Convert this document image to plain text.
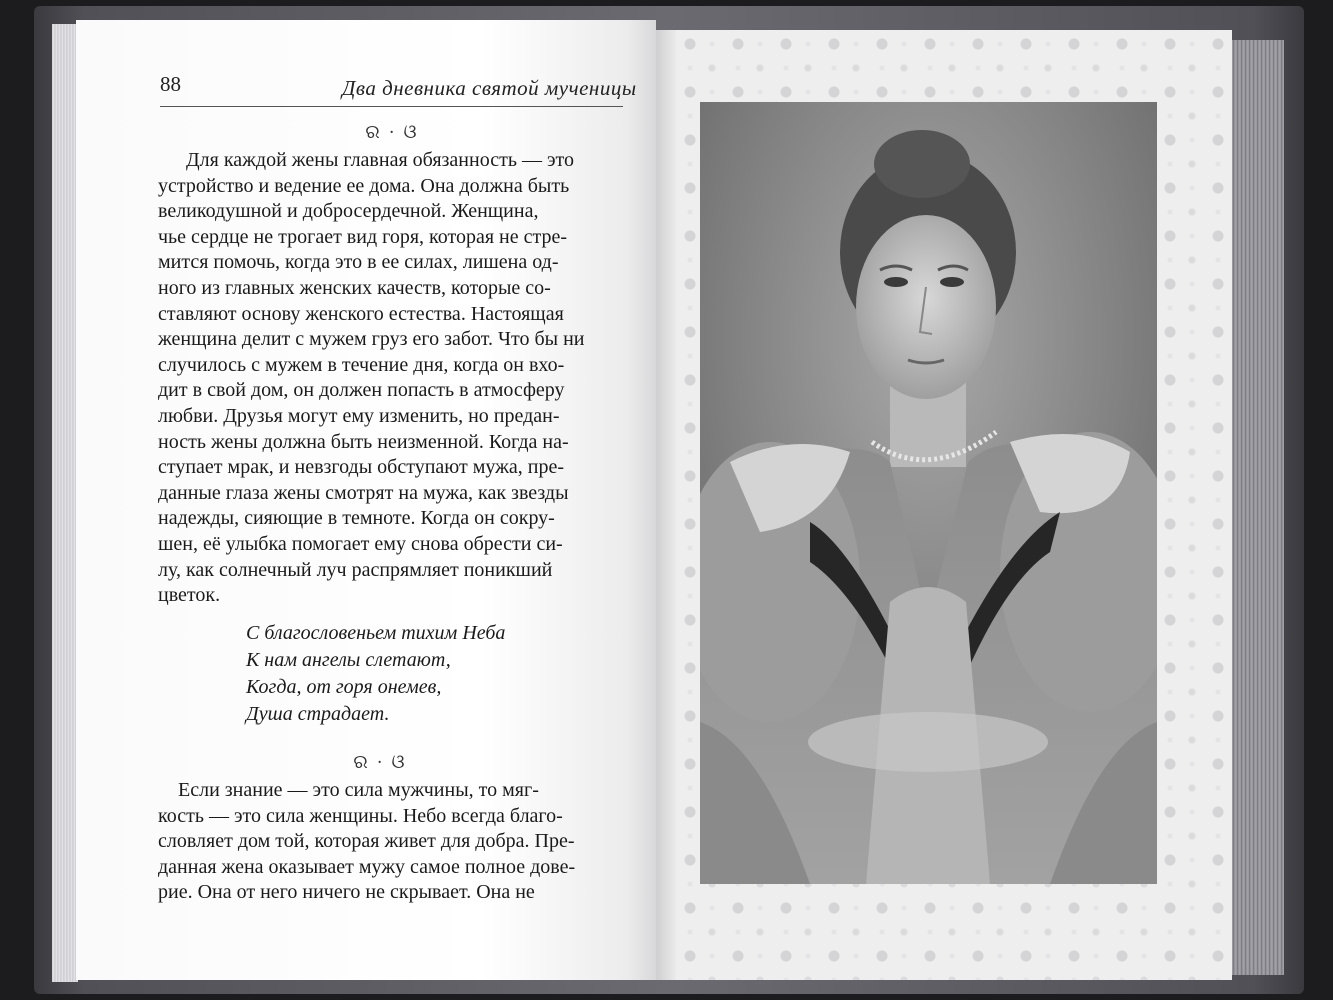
88	Два дневника святой мученицы
ର · ଓ

Для каждой жены главная обязанность — это
устройство и ведение ее дома. Она должна быть
великодушной и добросердечной. Женщина,
чье сердце не трогает вид горя, которая не стре-
мится помочь, когда это в ее силах, лишена од-
ного из главных женских качеств, которые со-
ставляют основу женского естества. Настоящая
женщина делит с мужем груз его забот. Что бы ни
случилось с мужем в течение дня, когда он вхо-
дит в свой дом, он должен попасть в атмосферу
любви. Друзья могут ему изменить, но предан-
ность жены должна быть неизменной. Когда на-
ступает мрак, и невзгоды обступают мужа, пре-
данные глаза жены смотрят на мужа, как звезды
надежды, сияющие в темноте. Когда он сокру-
шен, её улыбка помогает ему снова обрести си-
лу, как солнечный луч распрямляет поникший
цветок.

С благословеньем тихим Неба
К нам ангелы слетают,
Когда, от горя онемев,
Душа страдает.
ର · ଓ

Если знание — это сила мужчины, то мяг-
кость — это сила женщины. Небо всегда благо-
словляет дом той, которая живет для добра. Пре-
данная жена оказывает мужу самое полное дове-
рие. Она от него ничего не скрывает. Она не
